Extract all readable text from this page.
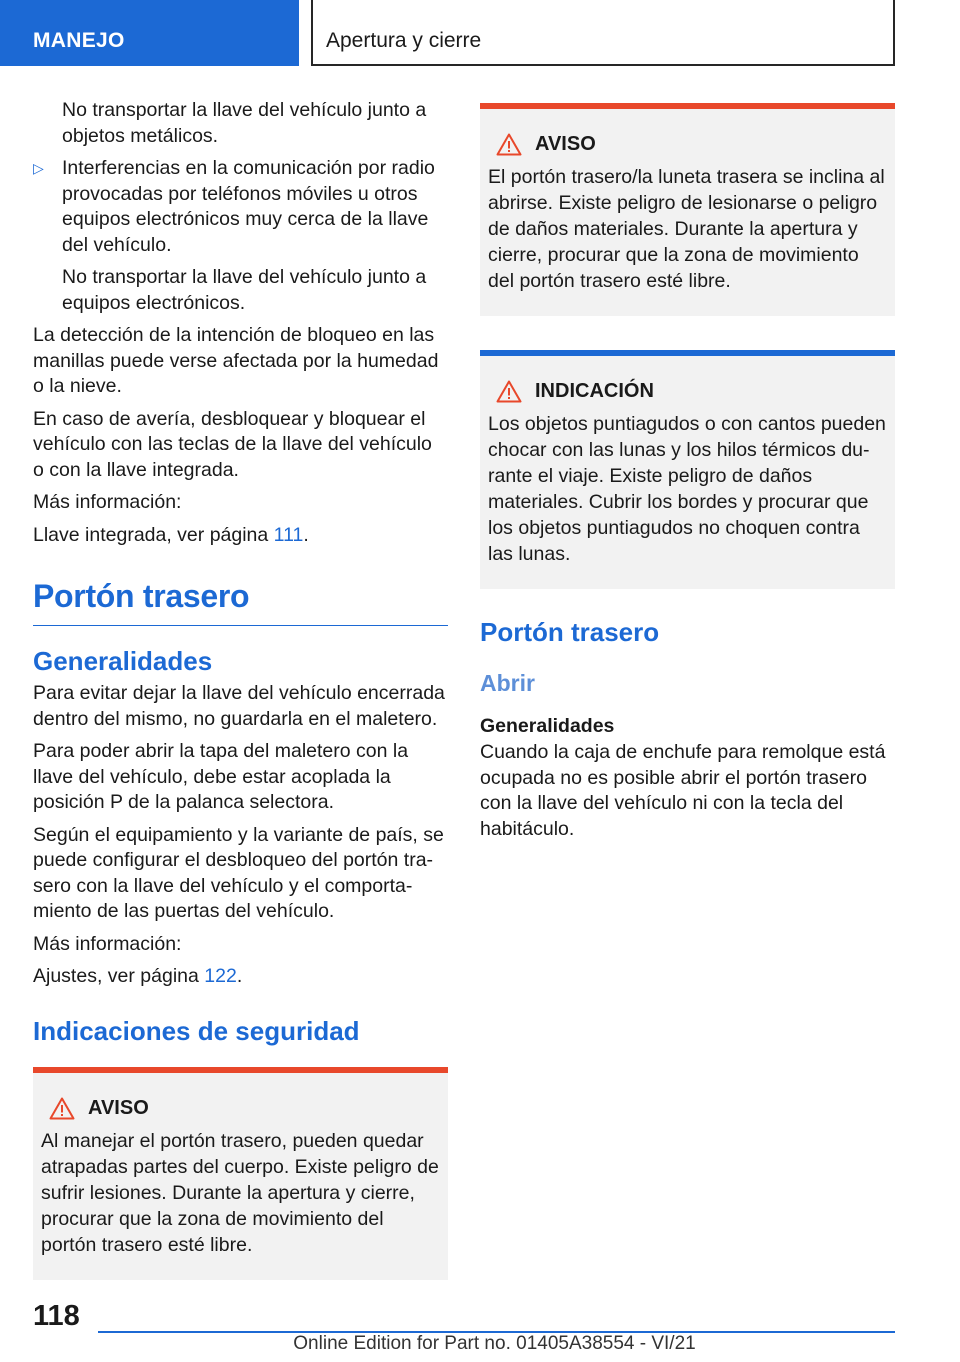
MANEJO	Apertura y cierre

No transportar la llave del vehículo junto a objetos metálicos.

▷ Interferencias en la comunicación por radio provocadas por teléfonos móviles u otros equipos electrónicos muy cerca de la llave del vehículo.

No transportar la llave del vehículo junto a equipos electrónicos.

La detección de la intención de bloqueo en las manillas puede verse afectada por la humedad o la nieve.

En caso de avería, desbloquear y bloquear el vehículo con las teclas de la llave del vehículo o con la llave integrada.

Más información:

Llave integrada, ver página 111.

Portón trasero
Generalidades

Para evitar dejar la llave del vehículo encerrada dentro del mismo, no guardarla en el maletero.

Para poder abrir la tapa del maletero con la llave del vehículo, debe estar acoplada la posición P de la palanca selectora.

Según el equipamiento y la variante de país, se puede configurar el desbloqueo del portón trasero con la llave del vehículo y el comportamiento de las puertas del vehículo.

Más información:

Ajustes, ver página 122.

Indicaciones de seguridad
AVISO

Al manejar el portón trasero, pueden quedar atrapadas partes del cuerpo. Existe peligro de sufrir lesiones. Durante la apertura y cierre, procurar que la zona de movimiento del portón trasero esté libre.

AVISO

El portón trasero/la luneta trasera se inclina al abrirse. Existe peligro de lesionarse o peligro de daños materiales. Durante la apertura y cierre, procurar que la zona de movimiento del portón trasero esté libre.

INDICACIÓN

Los objetos puntiagudos o con cantos pueden chocar con las lunas y los hilos térmicos durante el viaje. Existe peligro de daños materiales. Cubrir los bordes y procurar que los objetos puntiagudos no choquen contra las lunas.

Portón trasero
Abrir
Generalidades

Cuando la caja de enchufe para remolque está ocupada no es posible abrir el portón trasero con la llave del vehículo ni con la tecla del habitáculo.

118
Online Edition for Part no. 01405A38554 - VI/21
